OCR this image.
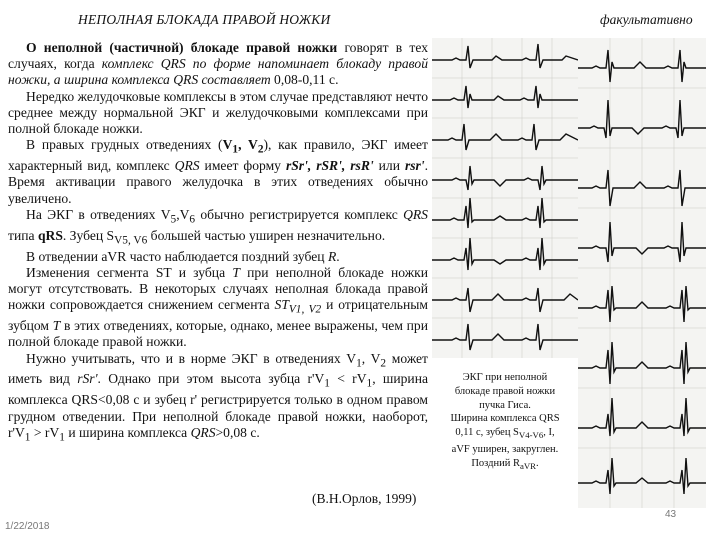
НЕПОЛНАЯ БЛОКАДА ПРАВОЙ НОЖКИ	факультативно

О неполной (частичной) блокаде правой ножки говорят в тех случаях, когда комплекс QRS по форме напоминает блокаду правой ножки, а ширина комплекса QRS составляет 0,08-0,11 с.

Нередко желудочковые комплексы в этом случае представляют нечто среднее между нормальной ЭКГ и желудочковыми комплексами при полной блокаде ножки.

В правых грудных отведениях ($V_1$, $V_2$), как правило, ЭКГ имеет характерный вид, комплекс QRS имеет форму rSr', rSR', rsR' или rsr'. Время активации правого желудочка в этих отведениях обычно увеличено.

На ЭКГ в отведениях $V_5,V_6$ обычно регистрируется комплекс QRS типа qRS. Зубец $S_{V5, V6}$ большей частью уширен незначительно.

В отведении aVR часто наблюдается поздний зубец R.

Изменения сегмента ST и зубца T при неполной блокаде ножки могут отсутствовать. В некоторых случаях неполная блокада правой ножки сопровождается снижением сегмента $ST_{V1, V2}$ и отрицательным зубцом T в этих отведениях, которые, однако, менее выражены, чем при полной блокаде правой ножки.

Нужно учитывать, что и в норме ЭКГ в отведениях $V_1$, $V_2$ может иметь вид rSr'. Однако при этом высота зубца $r'V_1 < rV_1$, ширина комплекса QRS<0,08 с и зубец r' регистрируется только в одном правом грудном отведении. При неполной блокаде правой ножки, наоборот, $r'V_1 > rV_1$ и ширина комплекса QRS>0,08 с.

(В.Н.Орлов, 1999)
ЭКГ при неполной
блокаде правой ножки
пучка Гиса.
Ширина комплекса QRS
0,11 с, зубец $S_{V4-V6}$, I,
aVF уширен, закруглен.
Поздний $R_{aVR}$.
1/22/2018
43
